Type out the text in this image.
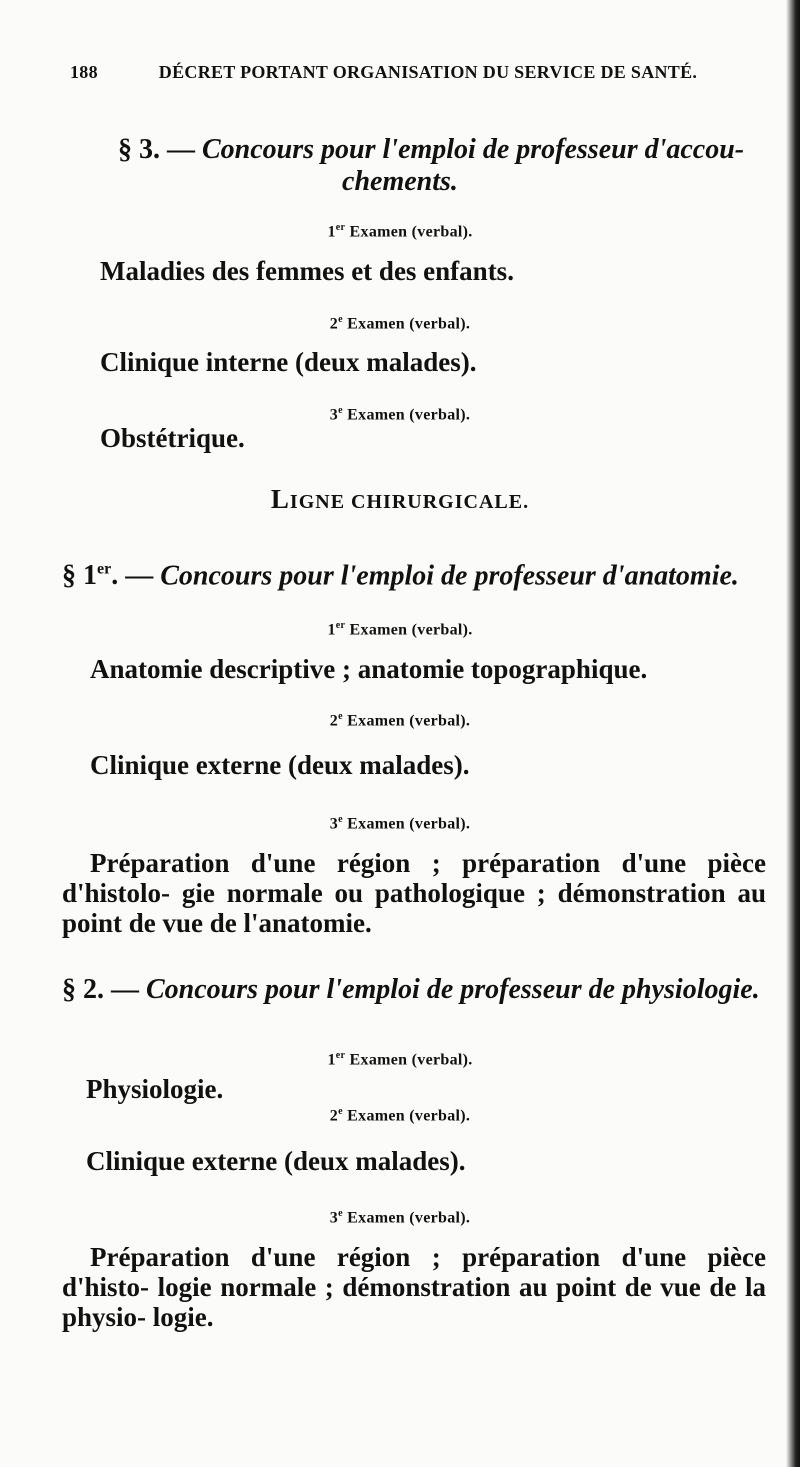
188	DÉCRET PORTANT ORGANISATION DU SERVICE DE SANTÉ.
§ 3. — Concours pour l'emploi de professeur d'accou-
chements.
1er Examen (verbal).
Maladies des femmes et des enfants.
2e Examen (verbal).
Clinique interne (deux malades).
3e Examen (verbal).
Obstétrique.
LIGNE CHIRURGICALE.
§ 1er. — Concours pour l'emploi de professeur d'anatomie.
1er Examen (verbal).
Anatomie descriptive ; anatomie topographique.
2e Examen (verbal).
Clinique externe (deux malades).
3e Examen (verbal).
Préparation d'une région ; préparation d'une pièce d'histolo- gie normale ou pathologique ; démonstration au point de vue de l'anatomie.
§ 2. — Concours pour l'emploi de professeur de physiologie.
1er Examen (verbal).
Physiologie.
2e Examen (verbal).
Clinique externe (deux malades).
3e Examen (verbal).
Préparation d'une région ; préparation d'une pièce d'histo- logie normale ; démonstration au point de vue de la physio- logie.
